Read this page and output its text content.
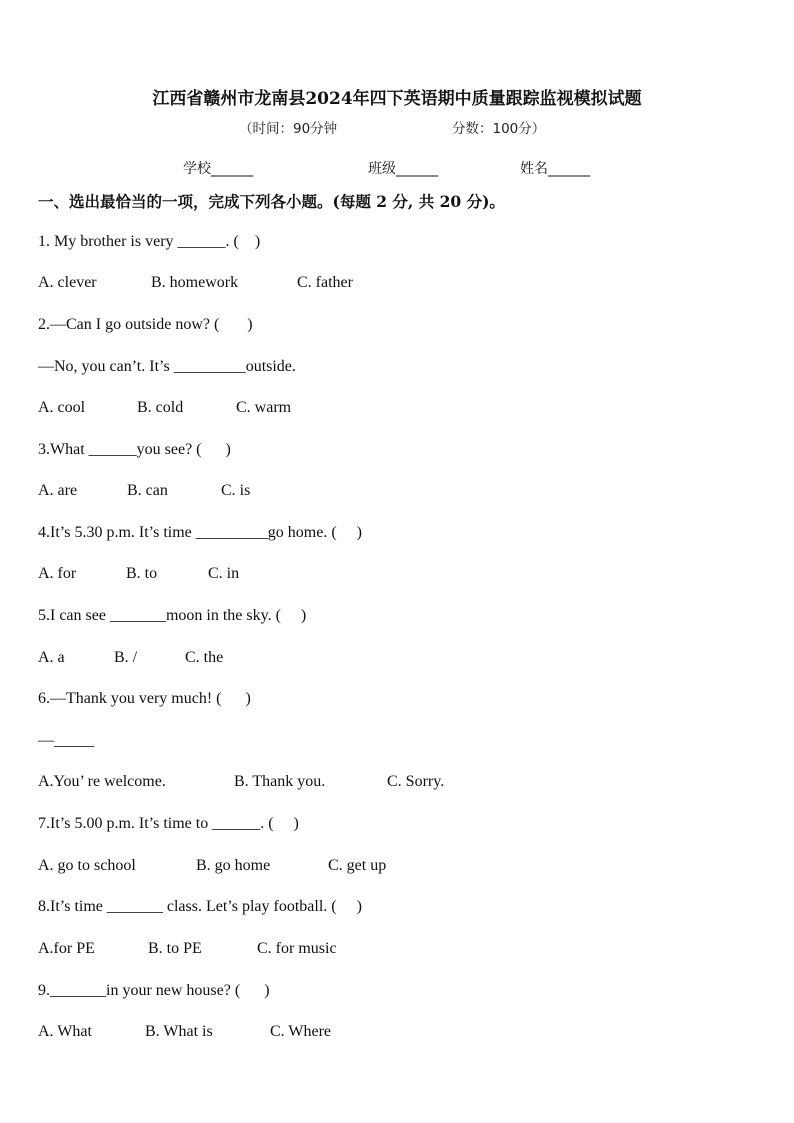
江西省赣州市龙南县2024年四下英语期中质量跟踪监视模拟试题
（时间：90分钟	分数：100分）
学校______	班级______	姓名______
一、选出最恰当的一项，完成下列各小题。(每题 2 分, 共 20 分)。
1. My brother is very ______. (    )
A. clever	B. homework	C. father
2.—Can I go outside now? (       )
—No, you can’t. It’s _________outside.
A. cool	B. cold	C. warm
3.What ______you see? (      )
A. are	B. can	C. is
4.It’s 5.30 p.m. It’s time _________go home. (     )
A. for	B. to	C. in
5.I can see _______moon in the sky. (     )
A. a	B. /	C. the
6.—Thank you very much! (      )
—_____
A.You’ re welcome.	B. Thank you.	C. Sorry.
7.It’s 5.00 p.m. It’s time to ______. (     )
A. go to school	B. go home	C. get up
8.It’s time _______ class. Let’s play football. (     )
A.for PE	B. to PE	C. for music
9._______in your new house? (      )
A. What	B. What is	C. Where
